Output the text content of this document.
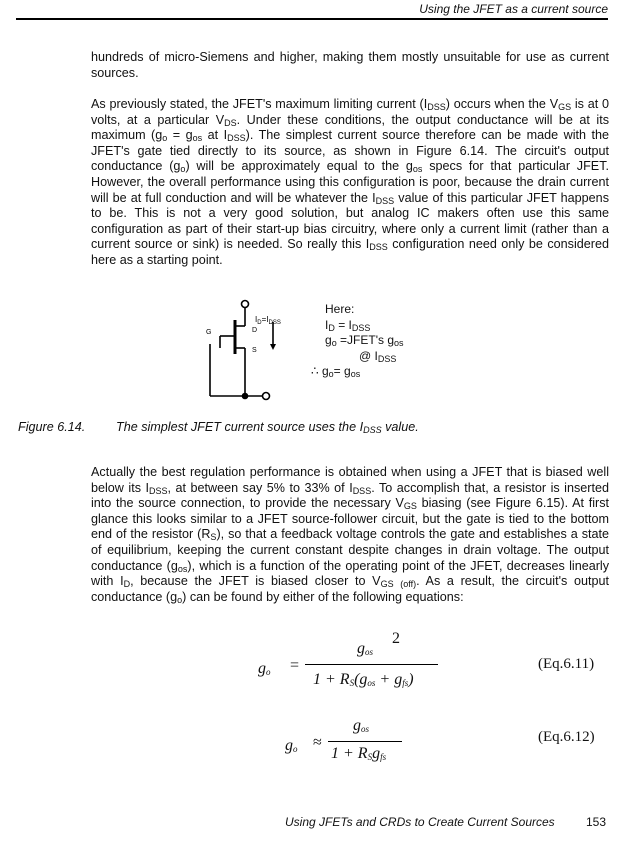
Using the JFET as a current source

hundreds of micro-Siemens and higher, making them mostly unsuitable for use as current sources.

As previously stated, the JFET's maximum limiting current $(I_{DSS})$ occurs when the $V_{GS}$ is at 0 volts, at a particular $V_{DS}$. Under these conditions, the output conductance will be at its maximum ($g_o = g_{os}$ at $I_{DSS}$). The simplest current source therefore can be made with the JFET's gate tied directly to its source, as shown in Figure 6.14. The circuit's output conductance $(g_o)$ will be approximately equal to the $g_{os}$ specs for that particular JFET. However, the overall performance using this configuration is poor, because the drain current will be at full conduction and will be whatever the $I_{DSS}$ value of this particular JFET happens to be. This is not a very good solution, but analog IC makers often use this same configuration as part of their start-up bias circuitry, where only a current limit (rather than a current source or sink) is needed. So really this $I_{DSS}$ configuration need only be considered here as a starting point.

$I_D=I_{DSS}$
G	D
S
Here:
$I_D = I_{DSS}$
$g_o$ =JFET's $g_{os}$
@ $I_{DSS}$
∴ $g_o= g_{os}$
Figure 6.14. The simplest JFET current source uses the $I_{DSS}$ value.

Actually the best regulation performance is obtained when using a JFET that is biased well below its $I_{DSS}$, at between say 5% to 33% of $I_{DSS}$. To accomplish that, a resistor is inserted into the source connection, to provide the necessary $V_{GS}$ biasing (see Figure 6.15). At first glance this looks similar to a JFET source-follower circuit, but the gate is tied to the bottom end of the resistor $(R_S)$, so that a feedback voltage controls the gate and establishes a state of equilibrium, keeping the current constant despite changes in drain voltage. The output conductance $(g_{os})$, which is a function of the operating point of the JFET, decreases linearly with $I_D$, because the JFET is biased closer to $V_{GS}$ $_{(off)}$. As a result, the circuit's output conductance $(g_o)$ can be found by either of the following equations:

$g_o$ =
$g_{os}$
2
$1 + R_S(g_{os} + g_{fs})$
(Eq.6.11)
$g_o$ ≈
$g_{os}$
$1 + R_Sg_{fs}$
(Eq.6.12)
Using JFETs and CRDs to Create Current Sources	153
